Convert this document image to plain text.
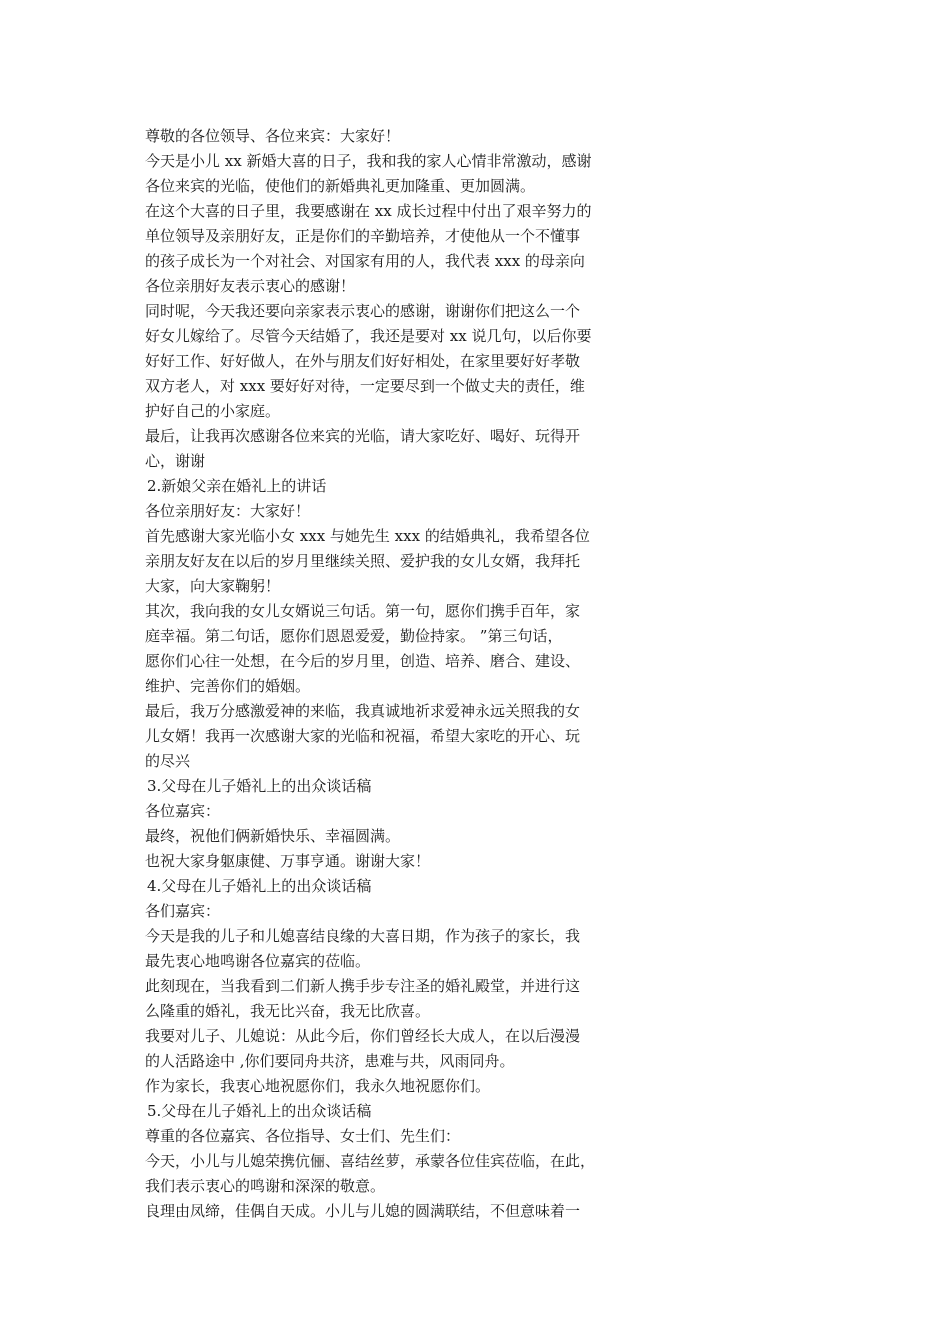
尊敬的各位领导、各位来宾：大家好！
今天是小儿 xx 新婚大喜的日子，我和我的家人心情非常激动，感谢
各位来宾的光临，使他们的新婚典礼更加隆重、更加圆满。
在这个大喜的日子里，我要感谢在 xx 成长过程中付出了艰辛努力的
单位领导及亲朋好友，正是你们的辛勤培养，才使他从一个不懂事
的孩子成长为一个对社会、对国家有用的人，我代表 xxx 的母亲向
各位亲朋好友表示衷心的感谢！
同时呢，今天我还要向亲家表示衷心的感谢，谢谢你们把这么一个
好女儿嫁给了。尽管今天结婚了，我还是要对 xx 说几句，以后你要
好好工作、好好做人，在外与朋友们好好相处，在家里要好好孝敬
双方老人，对 xxx 要好好对待，一定要尽到一个做丈夫的责任，维
护好自己的小家庭。
最后，让我再次感谢各位来宾的光临，请大家吃好、喝好、玩得开
心，谢谢
2.新娘父亲在婚礼上的讲话
各位亲朋好友：大家好！
首先感谢大家光临小女 xxx 与她先生 xxx 的结婚典礼，我希望各位
亲朋友好友在以后的岁月里继续关照、爱护我的女儿女婿，我拜托
大家，向大家鞠躬！
其次，我向我的女儿女婿说三句话。第一句，愿你们携手百年，家
庭幸福。第二句话，愿你们恩恩爱爱，勤俭持家。 ”第三句话，
愿你们心往一处想，在今后的岁月里，创造、培养、磨合、建设、
维护、完善你们的婚姻。
最后，我万分感激爱神的来临，我真诚地祈求爱神永远关照我的女
儿女婿！我再一次感谢大家的光临和祝福，希望大家吃的开心、玩
的尽兴
3.父母在儿子婚礼上的出众谈话稿
各位嘉宾：
最终，祝他们俩新婚快乐、幸福圆满。
也祝大家身躯康健、万事亨通。谢谢大家！
4.父母在儿子婚礼上的出众谈话稿
各们嘉宾：
今天是我的儿子和儿媳喜结良缘的大喜日期，作为孩子的家长，我
最先衷心地鸣谢各位嘉宾的莅临。
此刻现在，当我看到二们新人携手步专注圣的婚礼殿堂，并进行这
么隆重的婚礼，我无比兴奋，我无比欣喜。
我要对儿子、儿媳说：从此今后，你们曾经长大成人，在以后漫漫
的人活路途中 ,你们要同舟共济，患难与共，风雨同舟。
作为家长，我衷心地祝愿你们，我永久地祝愿你们。
5.父母在儿子婚礼上的出众谈话稿
尊重的各位嘉宾、各位指导、女士们、先生们：
今天，小儿与儿媳荣携伉俪、喜结丝萝，承蒙各位佳宾莅临，在此，
我们表示衷心的鸣谢和深深的敬意。
良理由凤缔，佳偶自天成。小儿与儿媳的圆满联结，不但意味着一
